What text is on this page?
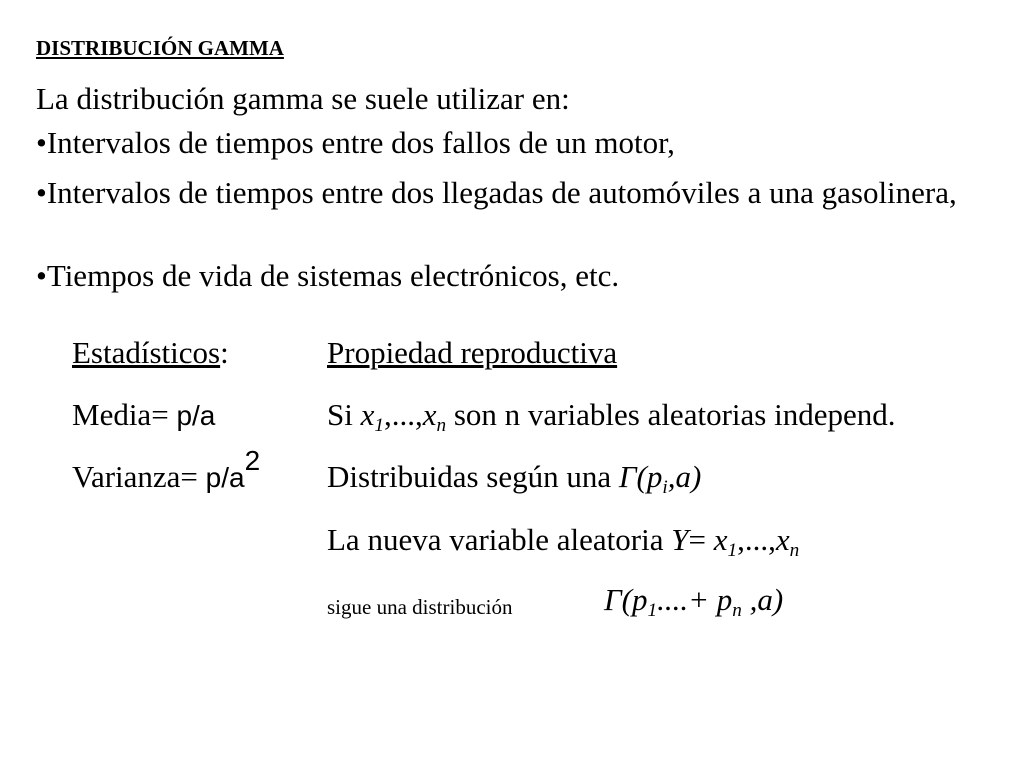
DISTRIBUCIÓN GAMMA
La distribución gamma se suele utilizar en:
•Intervalos de tiempos entre dos fallos de un motor,
•Intervalos de tiempos entre dos llegadas de automóviles a una gasolinera,
•Tiempos de vida de sistemas electrónicos, etc.
Estadísticos:
Media= p/a
Varianza= $p/a^2$
Propiedad reproductiva
Si $x_1,...,x_n$ son n variables aleatorias independ.
Distribuidas según una $\Gamma(p_i,a)$
La nueva variable aleatoria $Y= x_1,...,x_n$
sigue una distribución	$\Gamma(p_1....+ p_n$ ,a)
